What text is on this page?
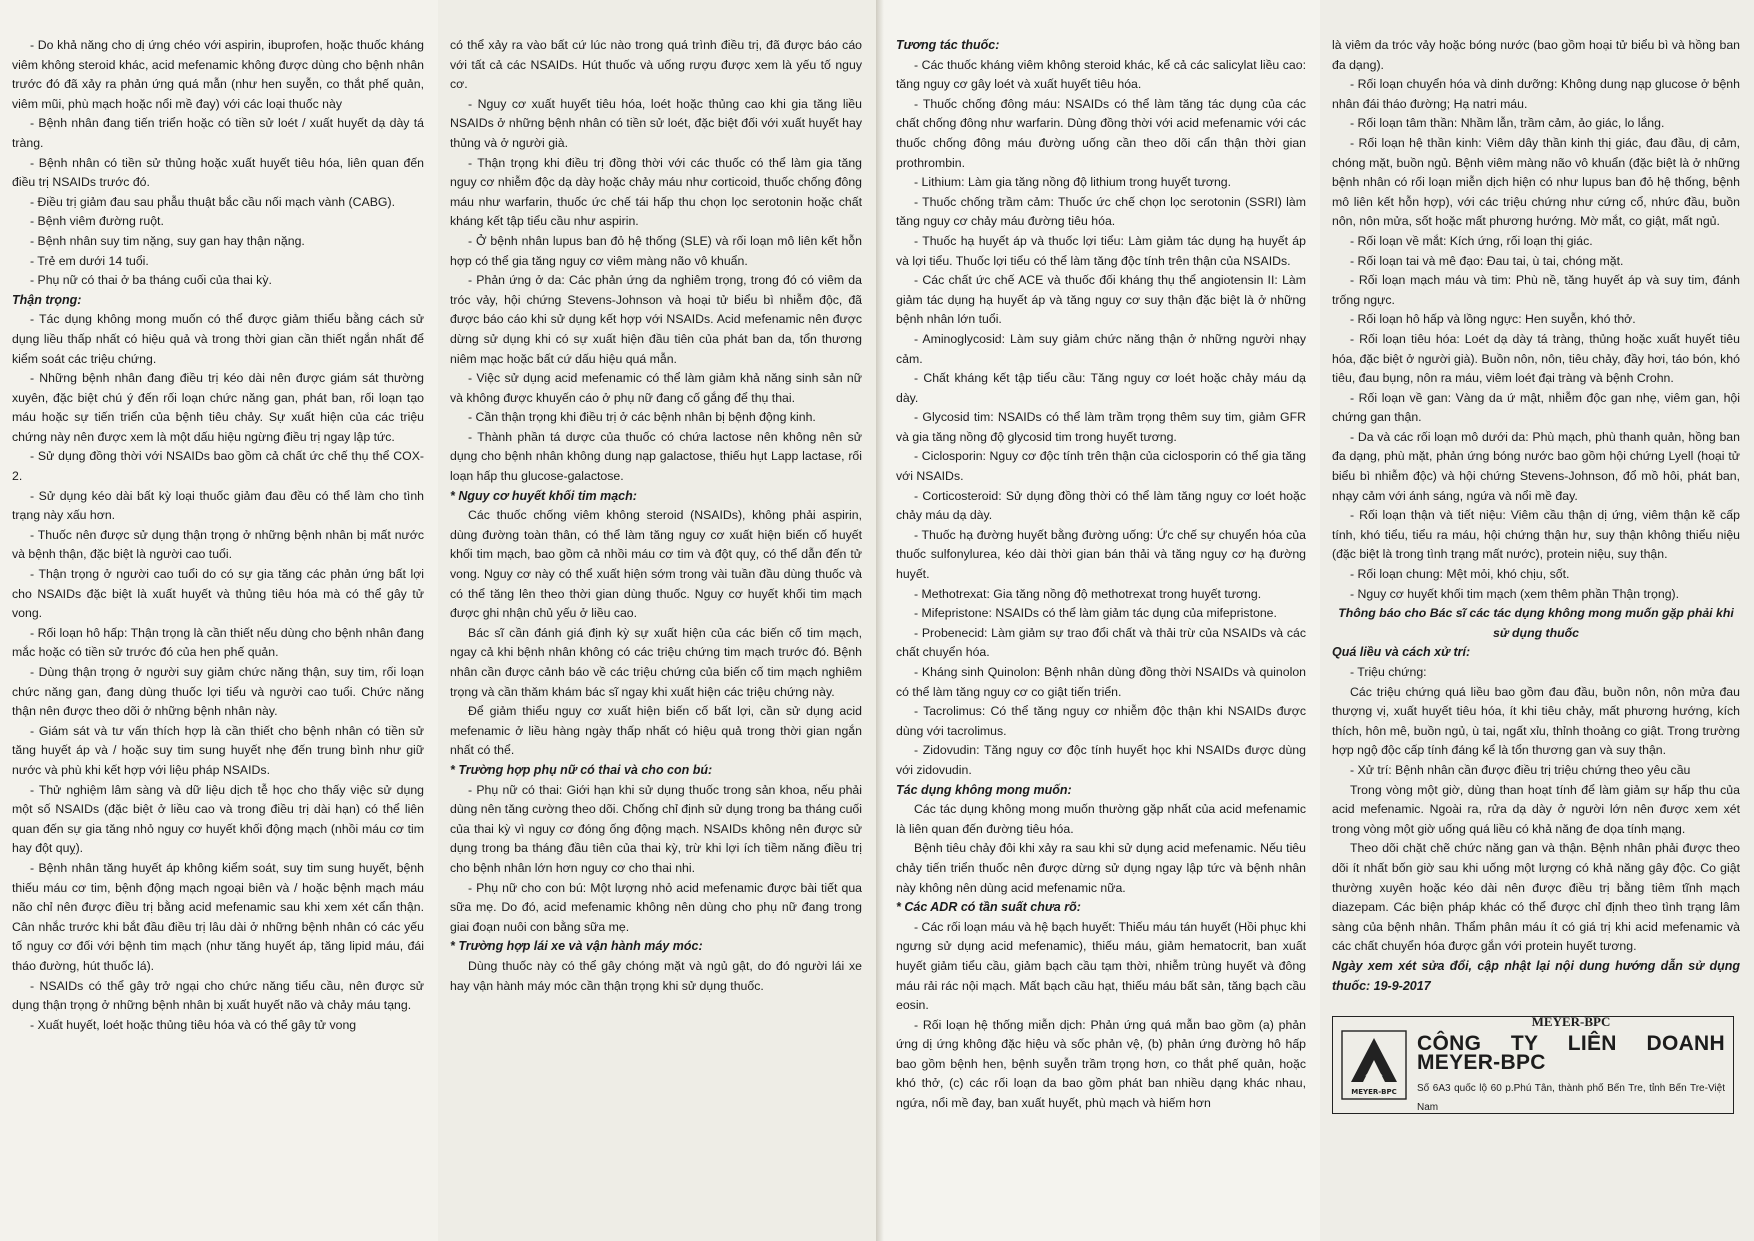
- Do khả năng cho dị ứng chéo với aspirin, ibuprofen, hoặc thuốc kháng viêm không steroid khác, acid mefenamic không được dùng cho bệnh nhân trước đó đã xảy ra phản ứng quá mẫn (như hen suyễn, co thắt phế quản, viêm mũi, phù mạch hoặc nổi mề đay) với các loại thuốc này

- Bệnh nhân đang tiến triển hoặc có tiền sử loét / xuất huyết dạ dày tá tràng.

- Bệnh nhân có tiền sử thủng hoặc xuất huyết tiêu hóa, liên quan đến điều trị NSAIDs trước đó.

- Điều trị giảm đau sau phẫu thuật bắc cầu nối mạch vành (CABG).

- Bệnh viêm đường ruột.

- Bệnh nhân suy tim nặng, suy gan hay thận nặng.

- Trẻ em dưới 14 tuổi.

- Phụ nữ có thai ở ba tháng cuối của thai kỳ.

Thận trọng:

- Tác dụng không mong muốn có thể được giảm thiểu bằng cách sử dụng liều thấp nhất có hiệu quả và trong thời gian cần thiết ngắn nhất để kiểm soát các triệu chứng.

- Những bệnh nhân đang điều trị kéo dài nên được giám sát thường xuyên, đặc biệt chú ý đến rối loạn chức năng gan, phát ban, rối loạn tạo máu hoặc sự tiến triển của bệnh tiêu chảy. Sự xuất hiện của các triệu chứng này nên được xem là một dấu hiệu ngừng điều trị ngay lập tức.

- Sử dụng đồng thời với NSAIDs bao gồm cả chất ức chế thụ thể COX- 2.

- Sử dụng kéo dài bất kỳ loại thuốc giảm đau đều có thể làm cho tình trạng này xấu hơn.

- Thuốc nên được sử dụng thận trọng ở những bệnh nhân bị mất nước và bệnh thận, đặc biệt là người cao tuổi.

- Thận trọng ở người cao tuổi do có sự gia tăng các phản ứng bất lợi cho NSAIDs đặc biệt là xuất huyết và thủng tiêu hóa mà có thể gây tử vong.

- Rối loạn hô hấp: Thận trọng là cần thiết nếu dùng cho bệnh nhân đang mắc hoặc có tiền sử trước đó của hen phế quản.

- Dùng thận trọng ở người suy giảm chức năng thận, suy tim, rối loạn chức năng gan, đang dùng thuốc lợi tiểu và người cao tuổi. Chức năng thận nên được theo dõi ở những bệnh nhân này.

- Giám sát và tư vấn thích hợp là cần thiết cho bệnh nhân có tiền sử tăng huyết áp và / hoặc suy tim sung huyết nhẹ đến trung bình như giữ nước và phù khi kết hợp với liệu pháp NSAIDs.

- Thử nghiệm lâm sàng và dữ liệu dịch tễ học cho thấy việc sử dụng một số NSAIDs (đặc biệt ở liều cao và trong điều trị dài hạn) có thể liên quan đến sự gia tăng nhỏ nguy cơ huyết khối động mạch (nhồi máu cơ tim hay đột quỵ).

- Bệnh nhân tăng huyết áp không kiểm soát, suy tim sung huyết, bệnh thiếu máu cơ tim, bệnh động mạch ngoại biên và / hoặc bệnh mạch máu não chỉ nên được điều trị bằng acid mefenamic sau khi xem xét cẩn thận. Cân nhắc trước khi bắt đầu điều trị lâu dài ở những bệnh nhân có các yếu tố nguy cơ đối với bệnh tim mạch (như tăng huyết áp, tăng lipid máu, đái tháo đường, hút thuốc lá).

- NSAIDs có thể gây trở ngại cho chức năng tiểu cầu, nên được sử dụng thận trọng ở những bệnh nhân bị xuất huyết não và chảy máu tạng.

- Xuất huyết, loét hoặc thủng tiêu hóa và có thể gây tử vong

có thể xảy ra vào bất cứ lúc nào trong quá trình điều trị, đã được báo cáo với tất cả các NSAIDs. Hút thuốc và uống rượu được xem là yếu tố nguy cơ.

- Nguy cơ xuất huyết tiêu hóa, loét hoặc thủng cao khi gia tăng liều NSAIDs ở những bệnh nhân có tiền sử loét, đặc biệt đối với xuất huyết hay thủng và ở người già.

- Thận trọng khi điều trị đồng thời với các thuốc có thể làm gia tăng nguy cơ nhiễm độc dạ dày hoặc chảy máu như corticoid, thuốc chống đông máu như warfarin, thuốc ức chế tái hấp thu chọn lọc serotonin hoặc chất kháng kết tập tiểu cầu như aspirin.

- Ở bệnh nhân lupus ban đỏ hệ thống (SLE) và rối loạn mô liên kết hỗn hợp có thể gia tăng nguy cơ viêm màng não vô khuẩn.

- Phản ứng ở da: Các phản ứng da nghiêm trọng, trong đó có viêm da tróc vảy, hội chứng Stevens-Johnson và hoại tử biểu bì nhiễm độc, đã được báo cáo khi sử dụng kết hợp với NSAIDs. Acid mefenamic nên được dừng sử dụng khi có sự xuất hiện đầu tiên của phát ban da, tổn thương niêm mạc hoặc bất cứ dấu hiệu quá mẫn.

- Việc sử dụng acid mefenamic có thể làm giảm khả năng sinh sản nữ và không được khuyến cáo ở phụ nữ đang cố gắng để thụ thai.

- Cần thận trọng khi điều trị ở các bệnh nhân bị bệnh động kinh.

- Thành phần tá dược của thuốc có chứa lactose nên không nên sử dụng cho bệnh nhân không dung nạp galactose, thiếu hụt Lapp lactase, rối loạn hấp thu glucose-galactose.

* Nguy cơ huyết khối tim mạch:

Các thuốc chống viêm không steroid (NSAIDs), không phải aspirin, dùng đường toàn thân, có thể làm tăng nguy cơ xuất hiện biến cố huyết khối tim mạch, bao gồm cả nhồi máu cơ tim và đột quỵ, có thể dẫn đến tử vong. Nguy cơ này có thể xuất hiện sớm trong vài tuần đầu dùng thuốc và có thể tăng lên theo thời gian dùng thuốc. Nguy cơ huyết khối tim mạch được ghi nhận chủ yếu ở liều cao.

Bác sĩ cần đánh giá định kỳ sự xuất hiện của các biến cố tim mạch, ngay cả khi bệnh nhân không có các triệu chứng tim mạch trước đó. Bệnh nhân cần được cảnh báo về các triệu chứng của biến cố tim mạch nghiêm trọng và cần thăm khám bác sĩ ngay khi xuất hiện các triệu chứng này.

Để giảm thiểu nguy cơ xuất hiện biến cố bất lợi, cần sử dụng acid mefenamic ở liều hàng ngày thấp nhất có hiệu quả trong thời gian ngắn nhất có thể.

* Trường hợp phụ nữ có thai và cho con bú:

- Phụ nữ có thai: Giới hạn khi sử dụng thuốc trong sản khoa, nếu phải dùng nên tăng cường theo dõi. Chống chỉ định sử dụng trong ba tháng cuối của thai kỳ vì nguy cơ đóng ống động mạch. NSAIDs không nên được sử dụng trong ba tháng đầu tiên của thai kỳ, trừ khi lợi ích tiềm năng điều trị cho bệnh nhân lớn hơn nguy cơ cho thai nhi.

- Phụ nữ cho con bú: Một lượng nhỏ acid mefenamic được bài tiết qua sữa mẹ. Do đó, acid mefenamic không nên dùng cho phụ nữ đang trong giai đoạn nuôi con bằng sữa mẹ.

* Trường hợp lái xe và vận hành máy móc:

Dùng thuốc này có thể gây chóng mặt và ngủ gật, do đó người lái xe hay vận hành máy móc cần thận trọng khi sử dụng thuốc.

Tương tác thuốc:

- Các thuốc kháng viêm không steroid khác, kể cả các salicylat liều cao: tăng nguy cơ gây loét và xuất huyết tiêu hóa.

- Thuốc chống đông máu: NSAIDs có thể làm tăng tác dụng của các chất chống đông như warfarin. Dùng đồng thời với acid mefenamic với các thuốc chống đông máu đường uống cần theo dõi cẩn thận thời gian prothrombin.

- Lithium: Làm gia tăng nồng độ lithium trong huyết tương.

- Thuốc chống trầm cảm: Thuốc ức chế chọn lọc serotonin (SSRI) làm tăng nguy cơ chảy máu đường tiêu hóa.

- Thuốc hạ huyết áp và thuốc lợi tiểu: Làm giảm tác dụng hạ huyết áp và lợi tiểu. Thuốc lợi tiểu có thể làm tăng độc tính trên thận của NSAIDs.

- Các chất ức chế ACE và thuốc đối kháng thụ thể angiotensin II: Làm giảm tác dụng hạ huyết áp và tăng nguy cơ suy thận đặc biệt là ở những bệnh nhân lớn tuổi.

- Aminoglycosid: Làm suy giảm chức năng thận ở những người nhạy cảm.

- Chất kháng kết tập tiểu cầu: Tăng nguy cơ loét hoặc chảy máu dạ dày.

- Glycosid tim: NSAIDs có thể làm trầm trọng thêm suy tim, giảm GFR và gia tăng nồng độ glycosid tim trong huyết tương.

- Ciclosporin: Nguy cơ độc tính trên thận của ciclosporin có thể gia tăng với NSAIDs.

- Corticosteroid: Sử dụng đồng thời có thể làm tăng nguy cơ loét hoặc chảy máu dạ dày.

- Thuốc hạ đường huyết bằng đường uống: Ức chế sự chuyển hóa của thuốc sulfonylurea, kéo dài thời gian bán thải và tăng nguy cơ hạ đường huyết.

- Methotrexat: Gia tăng nồng độ methotrexat trong huyết tương.

- Mifepristone: NSAIDs có thể làm giảm tác dụng của mifepristone.

- Probenecid: Làm giảm sự trao đổi chất và thải trừ của NSAIDs và các chất chuyển hóa.

- Kháng sinh Quinolon: Bệnh nhân dùng đồng thời NSAIDs và quinolon có thể làm tăng nguy cơ co giật tiến triển.

- Tacrolimus: Có thể tăng nguy cơ nhiễm độc thận khi NSAIDs được dùng với tacrolimus.

- Zidovudin: Tăng nguy cơ độc tính huyết học khi NSAIDs được dùng với zidovudin.

Tác dụng không mong muốn:

Các tác dụng không mong muốn thường gặp nhất của acid mefenamic là liên quan đến đường tiêu hóa.

Bệnh tiêu chảy đôi khi xảy ra sau khi sử dụng acid mefenamic. Nếu tiêu chảy tiến triển thuốc nên được dừng sử dụng ngay lập tức và bệnh nhân này không nên dùng acid mefenamic nữa.

* Các ADR có tần suất chưa rõ:

- Các rối loạn máu và hệ bạch huyết: Thiếu máu tán huyết (Hồi phục khi ngưng sử dụng acid mefenamic), thiếu máu, giảm hematocrit, ban xuất huyết giảm tiểu cầu, giảm bạch cầu tạm thời, nhiễm trùng huyết và đông máu rải rác nội mạch. Mất bạch cầu hạt, thiếu máu bất sản, tăng bạch cầu eosin.

- Rối loạn hệ thống miễn dịch: Phản ứng quá mẫn bao gồm (a) phản ứng dị ứng không đặc hiệu và sốc phản vệ, (b) phản ứng đường hô hấp bao gồm bệnh hen, bệnh suyễn trầm trọng hơn, co thắt phế quản, hoặc khó thở, (c) các rối loạn da bao gồm phát ban nhiều dạng khác nhau, ngứa, nổi mề đay, ban xuất huyết, phù mạch và hiếm hơn

là viêm da tróc vảy hoặc bóng nước (bao gồm hoại tử biểu bì và hồng ban đa dạng).

- Rối loạn chuyển hóa và dinh dưỡng: Không dung nạp glucose ở bệnh nhân đái tháo đường; Hạ natri máu.

- Rối loạn tâm thần: Nhầm lẫn, trầm cảm, ảo giác, lo lắng.

- Rối loạn hệ thần kinh: Viêm dây thần kinh thị giác, đau đầu, dị cảm, chóng mặt, buồn ngủ. Bệnh viêm màng não vô khuẩn (đặc biệt là ở những bệnh nhân có rối loạn miễn dịch hiện có như lupus ban đỏ hệ thống, bệnh mô liên kết hỗn hợp), với các triệu chứng như cứng cổ, nhức đầu, buồn nôn, nôn mửa, sốt hoặc mất phương hướng. Mờ mắt, co giật, mất ngủ.

- Rối loạn về mắt: Kích ứng, rối loạn thị giác.

- Rối loạn tai và mê đạo: Đau tai, ù tai, chóng mặt.

- Rối loạn mạch máu và tim: Phù nề, tăng huyết áp và suy tim, đánh trống ngực.

- Rối loạn hô hấp và lồng ngực: Hen suyễn, khó thở.

- Rối loạn tiêu hóa: Loét dạ dày tá tràng, thủng hoặc xuất huyết tiêu hóa, đặc biệt ở người già). Buồn nôn, nôn, tiêu chảy, đầy hơi, táo bón, khó tiêu, đau bụng, nôn ra máu, viêm loét đại tràng và bệnh Crohn.

- Rối loạn về gan: Vàng da ứ mật, nhiễm độc gan nhẹ, viêm gan, hội chứng gan thận.

- Da và các rối loạn mô dưới da: Phù mạch, phù thanh quản, hồng ban đa dạng, phù mặt, phản ứng bóng nước bao gồm hội chứng Lyell (hoại tử biểu bì nhiễm độc) và hội chứng Stevens-Johnson, đổ mồ hôi, phát ban, nhạy cảm với ánh sáng, ngứa và nổi mề đay.

- Rối loạn thận và tiết niệu: Viêm cầu thận dị ứng, viêm thận kẽ cấp tính, khó tiểu, tiểu ra máu, hội chứng thận hư, suy thận không thiểu niệu (đặc biệt là trong tình trạng mất nước), protein niệu, suy thận.

- Rối loạn chung: Mệt mỏi, khó chịu, sốt.

- Nguy cơ huyết khối tim mạch (xem thêm phần Thận trọng).

Thông báo cho Bác sĩ các tác dụng không mong muốn gặp phải khi sử dụng thuốc

Quá liều và cách xử trí:

- Triệu chứng:

Các triệu chứng quá liều bao gồm đau đầu, buồn nôn, nôn mửa đau thượng vị, xuất huyết tiêu hóa, ít khi tiêu chảy, mất phương hướng, kích thích, hôn mê, buồn ngủ, ù tai, ngất xỉu, thỉnh thoảng co giật. Trong trường hợp ngộ độc cấp tính đáng kể là tổn thương gan và suy thận.

- Xử trí: Bệnh nhân cần được điều trị triệu chứng theo yêu cầu

Trong vòng một giờ, dùng than hoạt tính để làm giảm sự hấp thu của acid mefenamic. Ngoài ra, rửa dạ dày ở người lớn nên được xem xét trong vòng một giờ uống quá liều có khả năng đe dọa tính mạng.

Theo dõi chặt chẽ chức năng gan và thận. Bệnh nhân phải được theo dõi ít nhất bốn giờ sau khi uống một lượng có khả năng gây độc. Co giật thường xuyên hoặc kéo dài nên được điều trị bằng tiêm tĩnh mạch diazepam. Các biện pháp khác có thể được chỉ định theo tình trạng lâm sàng của bệnh nhân. Thẩm phân máu ít có giá trị khi acid mefenamic và các chất chuyển hóa được gắn với protein huyết tương.

Ngày xem xét sửa đổi, cập nhật lại nội dung hướng dẫn sử dụng thuốc: 19-9-2017
MEYER-BPC
MEYER-BPC
CÔNG TY LIÊN DOANH MEYER-BPC
Số 6A3 quốc lộ 60 p.Phú Tân, thành phố Bến Tre, tỉnh Bến Tre-Việt Nam
